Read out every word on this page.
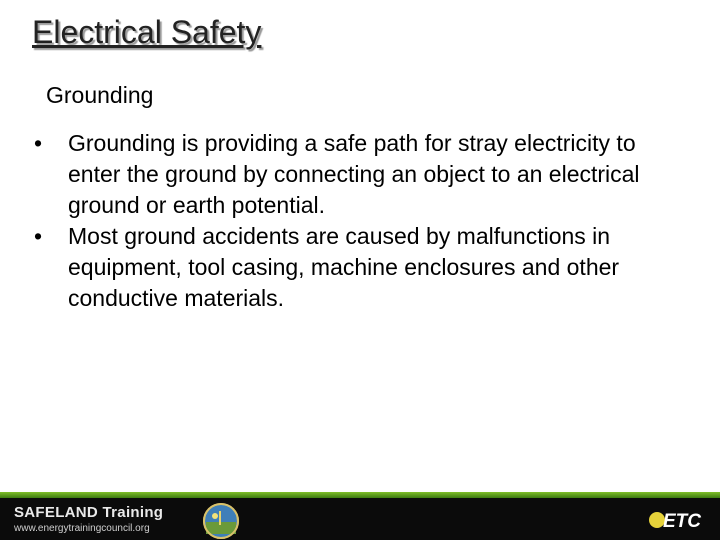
Electrical Safety
Grounding
• Grounding is providing a safe path for stray electricity to enter the ground by connecting an object to an electrical ground or earth potential.
• Most ground accidents are caused by malfunctions in equipment, tool casing, machine enclosures and other conductive materials.
SAFELAND Training
www.energytrainingcouncil.org	ETC
